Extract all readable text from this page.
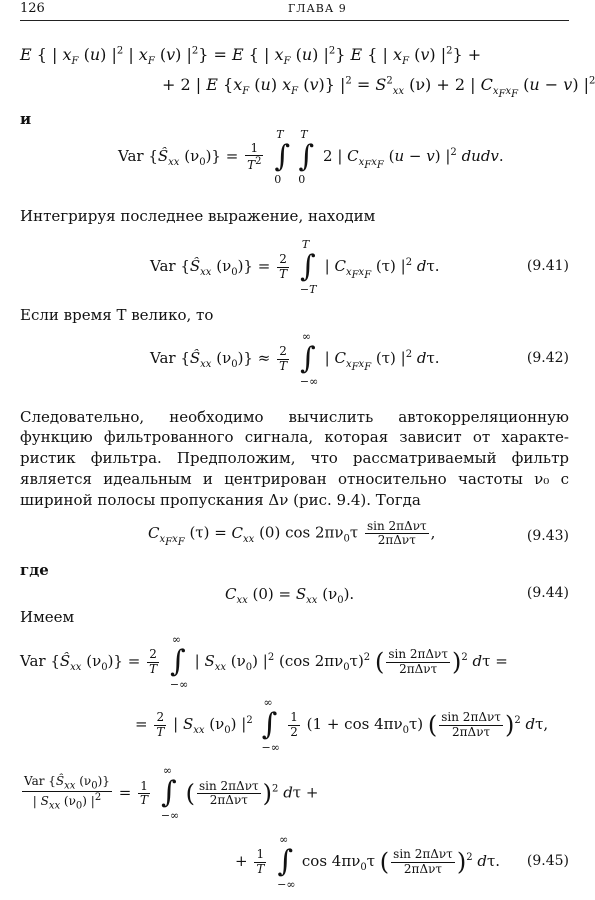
126	ГЛАВА 9
E { | $x_F$ (u) $|^2$ | $x_F$ (v) $|^2\} = E$ { | $x_F$ (u) $|^2$} E { | $x_F$ (v) $|^2$} +
+ 2 | E {$x_F$ (u) $x_F$ (v)} $|^2 = S^2_{xx}$ (ν) + 2 | $C_{x_Fx_F}$ (u − v) $|^2$
и
Var {$Ŝ_{xx}$ $(\nu_0)\} = \frac{1}{T^2}$

T
∫
0
T
∫
0
2 | $C_{x_Fx_F}$ (u − v) $|^2$ dudv.
Интегрируя последнее выражение, находим
Var {$Ŝ_{xx}$ $(\nu_0)\} = \frac{2}{T}$

T
∫
−T
| $C_{x_Fx_F}$ (τ) $|^2$ dτ.	(9.41)
Если время T велико, то
Var {$Ŝ_{xx}$ $(\nu_0)\} \approx \frac{2}{T}$

∞
∫
−∞
| $C_{x_Fx_F}$ (τ) $|^2$ dτ.	(9.42)
Следовательно, необходимо вычислить автокорреляционную
функцию фильтрованного сигнала, которая зависит от характе-
ристик фильтра. Предположим, что рассматриваемый фильтр
является идеальным и центрирован относительно частоты ν₀ с
шириной полосы пропускания Δν (рис. 9.4). Тогда
$C_{x_Fx_F}$ $(\tau) = C_{xx}$ (0) $\cos 2\pi\nu_0\tau \frac{\text{sin 2πΔντ}}{\text{2πΔντ}}$ ,	(9.43)
где
$C_{xx}$ $(0) = S_{xx}$ $(\nu_0)$.	(9.44)
Имеем
Var {$Ŝ_{xx}$ $(\nu_0)\} = \frac{2}{T}$

∞
∫
−∞
| $S_{xx}$ $(\nu_0)$ $|^2$ (cos $2\pi\nu_0\tau)^2$ ( $\frac{\text{sin 2πΔντ}}{\text{2πΔντ}} )^2$ dτ =
= $\frac{2}{T}$ | $S_{xx}$ $(\nu_0)$ $|^2$
∞
∫
−∞

$\frac{1}{2} (1 + \cos 4\pi\nu_0\tau)$ ( $\frac{\text{sin 2πΔντ}}{\text{2πΔντ}} )^2$ dτ,
$\frac{Var \{Ŝ_{xx} (\nu_0)\}}{| S_{xx} (\nu_0) |^2} = \frac{1}{T}$

∞
∫
−∞
( $\frac{\text{sin 2πΔντ}}{\text{2πΔντ}} )^2$ dτ +
+ $\frac{1}{T}$

∞
∫
−∞
$\cos 4\pi\nu_0\tau$ ( $\frac{\text{sin 2πΔντ}}{\text{2πΔντ}} )^2$ dτ. (9.45)
